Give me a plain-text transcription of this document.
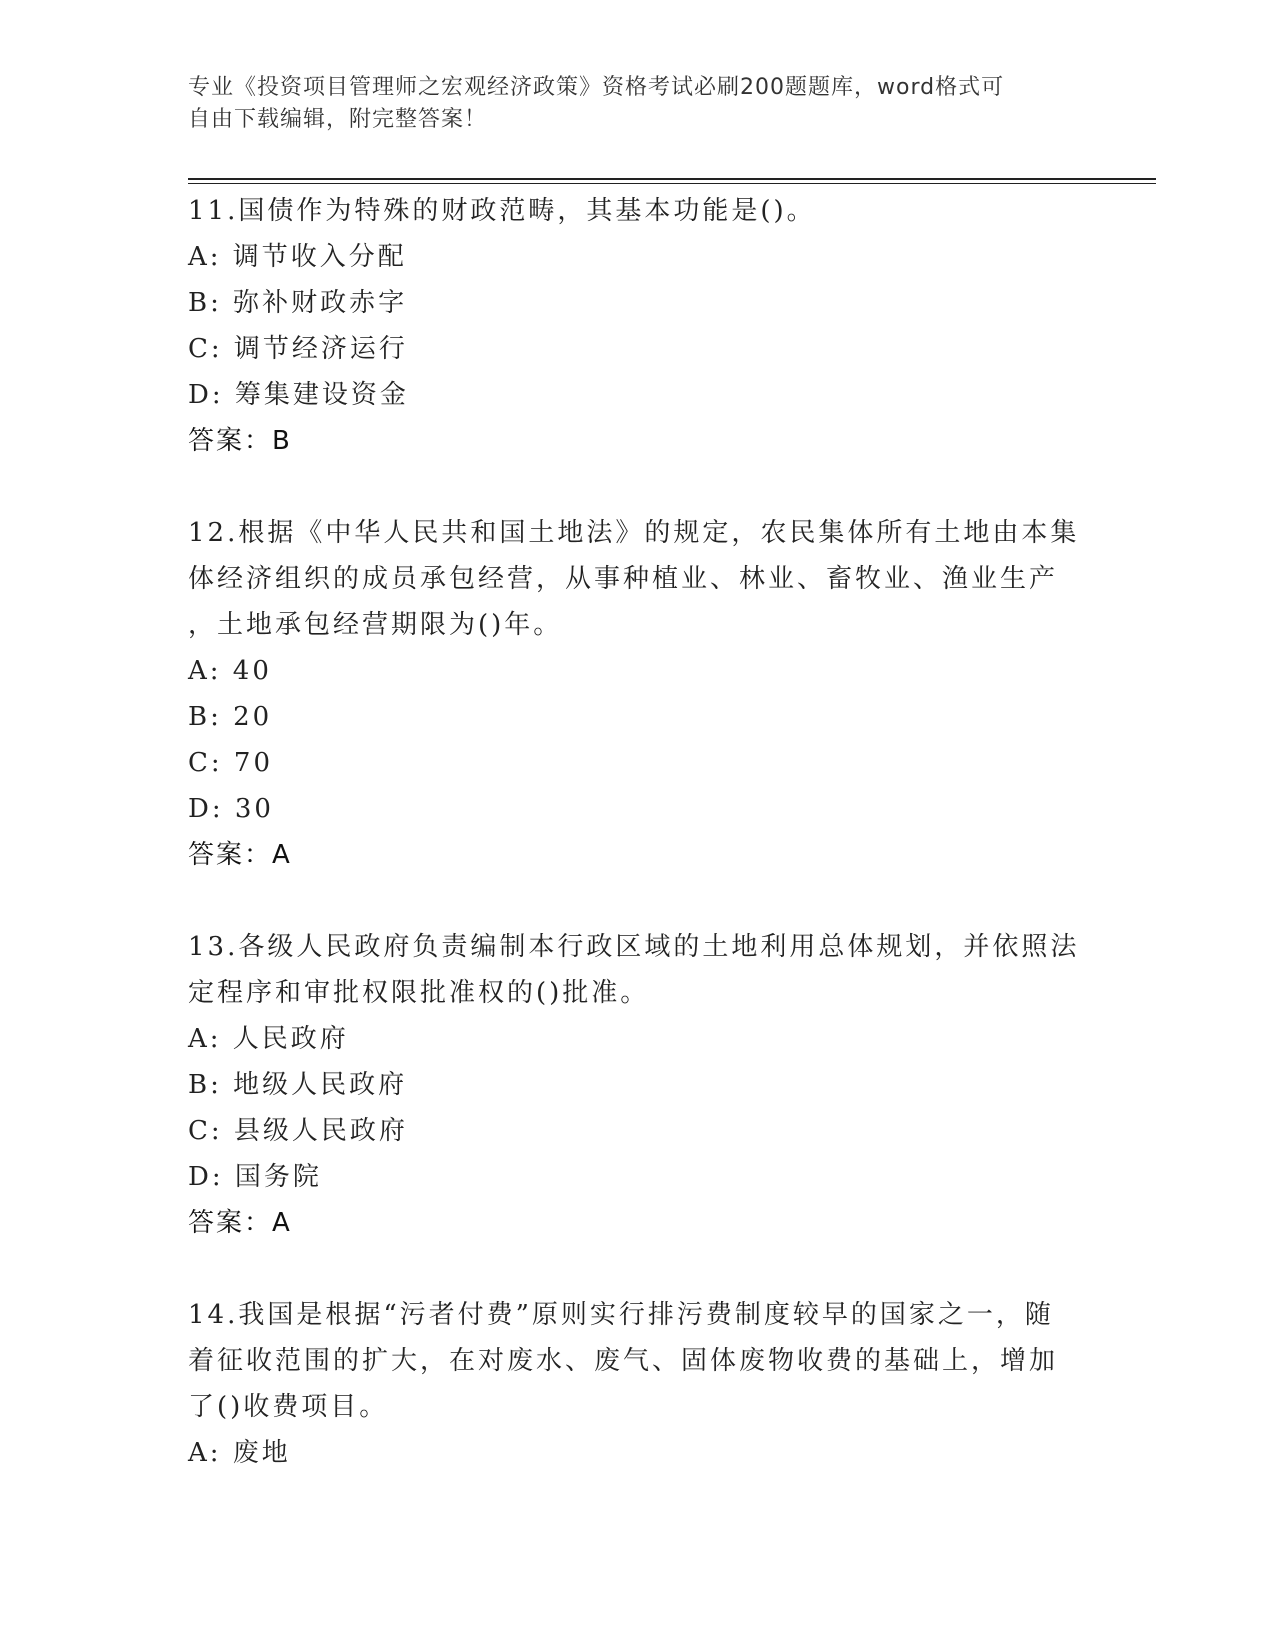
专业《投资项目管理师之宏观经济政策》资格考试必刷200题题库，word格式可
自由下载编辑，附完整答案！

11.国债作为特殊的财政范畴，其基本功能是()。

A: 调节收入分配

B: 弥补财政赤字

C: 调节经济运行

D: 筹集建设资金

答案：B

12.根据《中华人民共和国土地法》的规定，农民集体所有土地由本集

体经济组织的成员承包经营，从事种植业、林业、畜牧业、渔业生产

，土地承包经营期限为()年。

A: 40

B: 20

C: 70

D: 30

答案：A

13.各级人民政府负责编制本行政区域的土地利用总体规划，并依照法

定程序和审批权限批准权的()批准。

A: 人民政府

B: 地级人民政府

C: 县级人民政府

D: 国务院

答案：A

14.我国是根据“污者付费”原则实行排污费制度较早的国家之一，随

着征收范围的扩大，在对废水、废气、固体废物收费的基础上，增加

了()收费项目。

A: 废地
